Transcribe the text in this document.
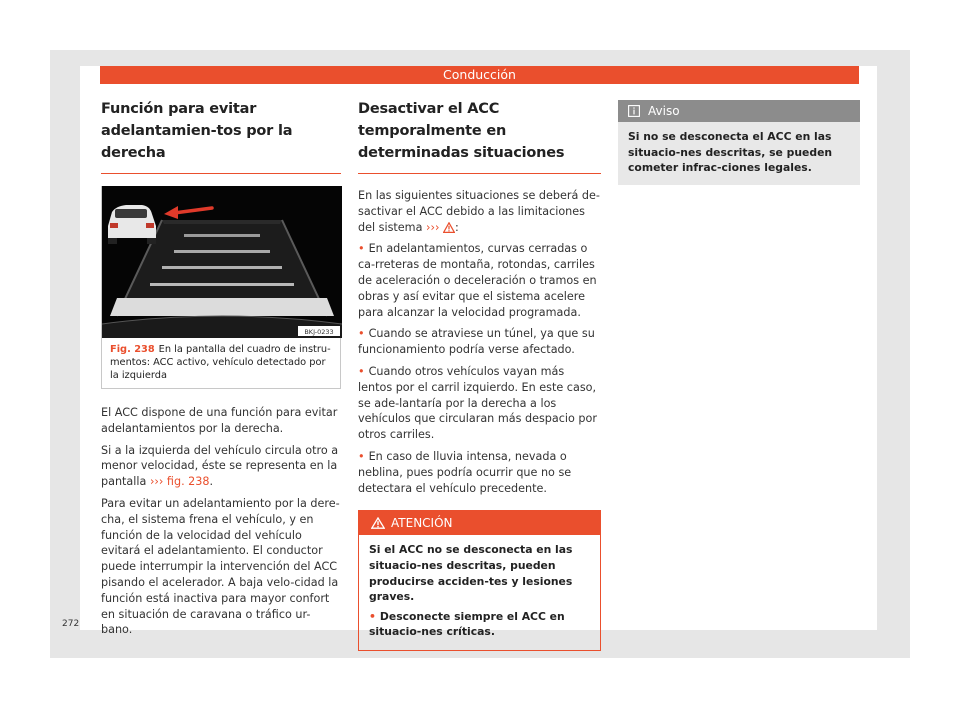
Conducción
Función para evitar adelantamien-tos por la derecha
BKJ-0233
Fig. 238 En la pantalla del cuadro de instru-mentos: ACC activo, vehículo detectado por la izquierda

El ACC dispone de una función para evitar adelantamientos por la derecha.

Si a la izquierda del vehículo circula otro a menor velocidad, éste se representa en la pantalla ››› fig. 238.

Para evitar un adelantamiento por la dere-cha, el sistema frena el vehículo, y en función de la velocidad del vehículo evitará el adelantamiento. El conductor puede interrumpir la intervención del ACC pisando el acelerador. A baja velo-cidad la función está inactiva para mayor confort en situación de caravana o tráfico ur-bano.

Desactivar el ACC temporalmente en determinadas situaciones

En las siguientes situaciones se deberá de-sactivar el ACC debido a las limitaciones del sistema ››› :

• En adelantamientos, curvas cerradas o ca-rreteras de montaña, rotondas, carriles de aceleración o deceleración o tramos en obras y así evitar que el sistema acelere para alcanzar la velocidad programada.

• Cuando se atraviese un túnel, ya que su funcionamiento podría verse afectado.

• Cuando otros vehículos vayan más lentos por el carril izquierdo. En este caso, se ade-lantaría por la derecha a los vehículos que circularan más despacio por otros carriles.

• En caso de lluvia intensa, nevada o neblina, pues podría ocurrir que no se detectara el vehículo precedente.

ATENCIÓN

Si el ACC no se desconecta en las situacio-nes descritas, pueden producirse acciden-tes y lesiones graves.

• Desconecte siempre el ACC en situacio-nes críticas.

Aviso

Si no se desconecta el ACC en las situacio-nes descritas, se pueden cometer infrac-ciones legales.

272
